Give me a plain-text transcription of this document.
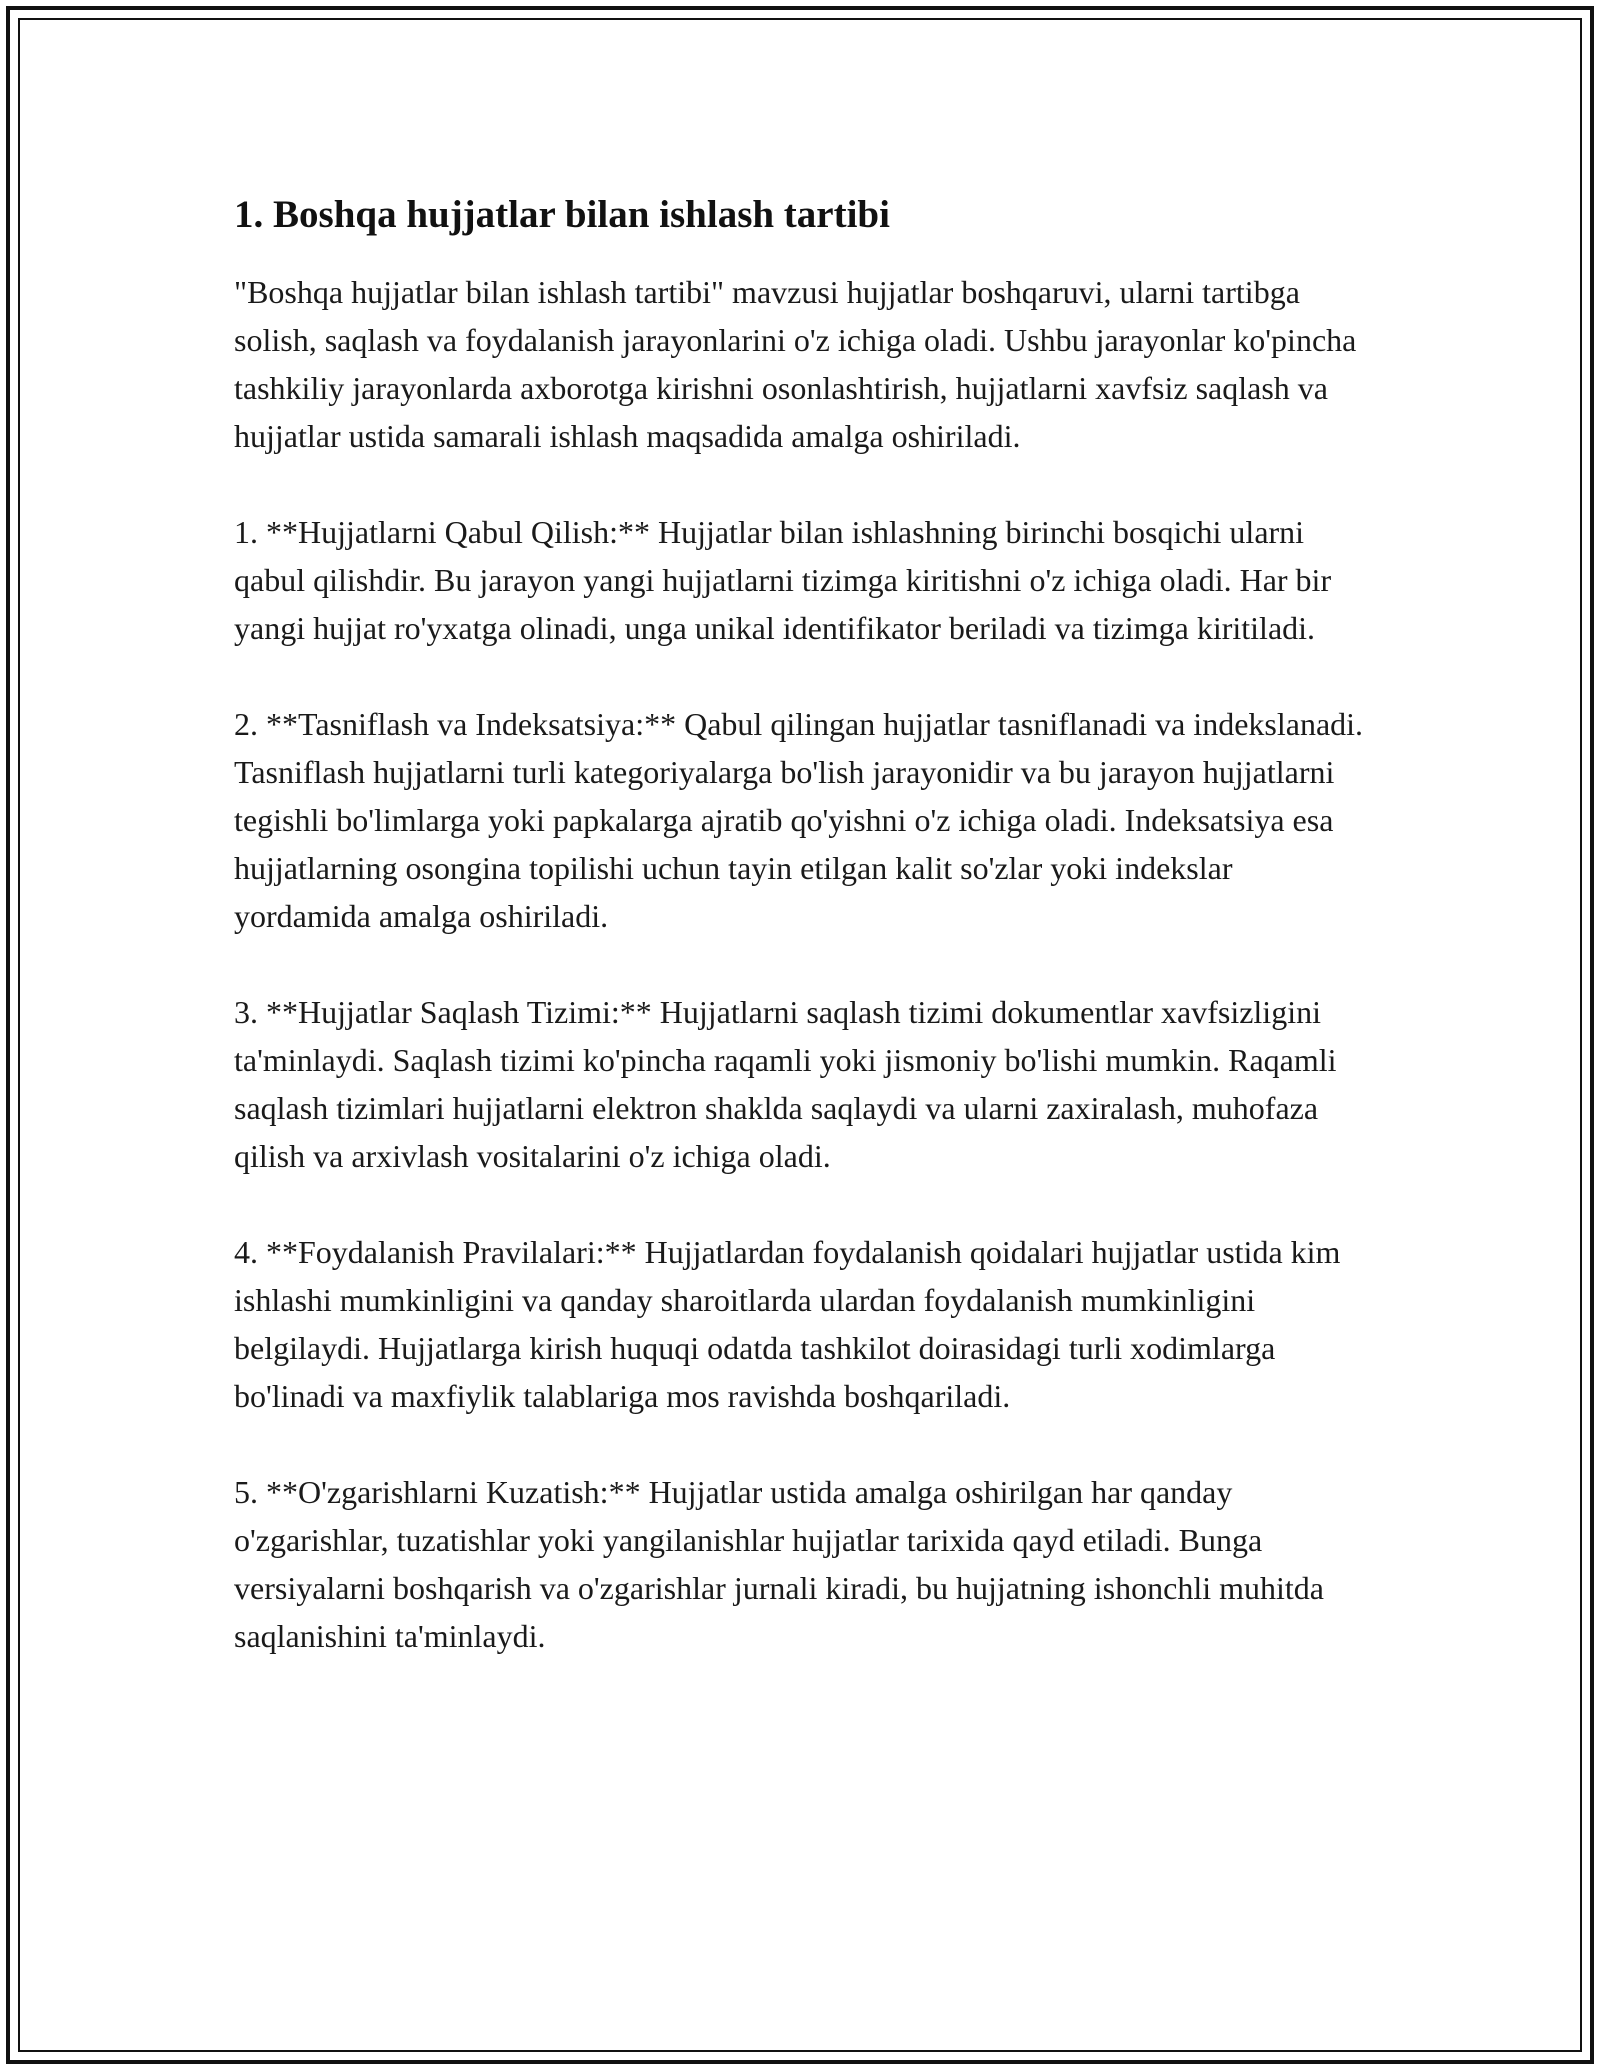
1. Boshqa hujjatlar bilan ishlash tartibi

"Boshqa hujjatlar bilan ishlash tartibi" mavzusi hujjatlar boshqaruvi, ularni tartibga solish, saqlash va foydalanish jarayonlarini o'z ichiga oladi. Ushbu jarayonlar ko'pincha tashkiliy jarayonlarda axborotga kirishni osonlashtirish, hujjatlarni xavfsiz saqlash va hujjatlar ustida samarali ishlash maqsadida amalga oshiriladi.

1. **Hujjatlarni Qabul Qilish:** Hujjatlar bilan ishlashning birinchi bosqichi ularni qabul qilishdir. Bu jarayon yangi hujjatlarni tizimga kiritishni o'z ichiga oladi. Har bir yangi hujjat ro'yxatga olinadi, unga unikal identifikator beriladi va tizimga kiritiladi.

2. **Tasniflash va Indeksatsiya:** Qabul qilingan hujjatlar tasniflanadi va indekslanadi. Tasniflash hujjatlarni turli kategoriyalarga bo'lish jarayonidir va bu jarayon hujjatlarni tegishli bo'limlarga yoki papkalarga ajratib qo'yishni o'z ichiga oladi. Indeksatsiya esa hujjatlarning osongina topilishi uchun tayin etilgan kalit so'zlar yoki indekslar yordamida amalga oshiriladi.

3. **Hujjatlar Saqlash Tizimi:** Hujjatlarni saqlash tizimi dokumentlar xavfsizligini ta'minlaydi. Saqlash tizimi ko'pincha raqamli yoki jismoniy bo'lishi mumkin. Raqamli saqlash tizimlari hujjatlarni elektron shaklda saqlaydi va ularni zaxiralash, muhofaza qilish va arxivlash vositalarini o'z ichiga oladi.

4. **Foydalanish Pravilalari:** Hujjatlardan foydalanish qoidalari hujjatlar ustida kim ishlashi mumkinligini va qanday sharoitlarda ulardan foydalanish mumkinligini belgilaydi. Hujjatlarga kirish huquqi odatda tashkilot doirasidagi turli xodimlarga bo'linadi va maxfiylik talablariga mos ravishda boshqariladi.

5. **O'zgarishlarni Kuzatish:** Hujjatlar ustida amalga oshirilgan har qanday o'zgarishlar, tuzatishlar yoki yangilanishlar hujjatlar tarixida qayd etiladi. Bunga versiyalarni boshqarish va o'zgarishlar jurnali kiradi, bu hujjatning ishonchli muhitda saqlanishini ta'minlaydi.
